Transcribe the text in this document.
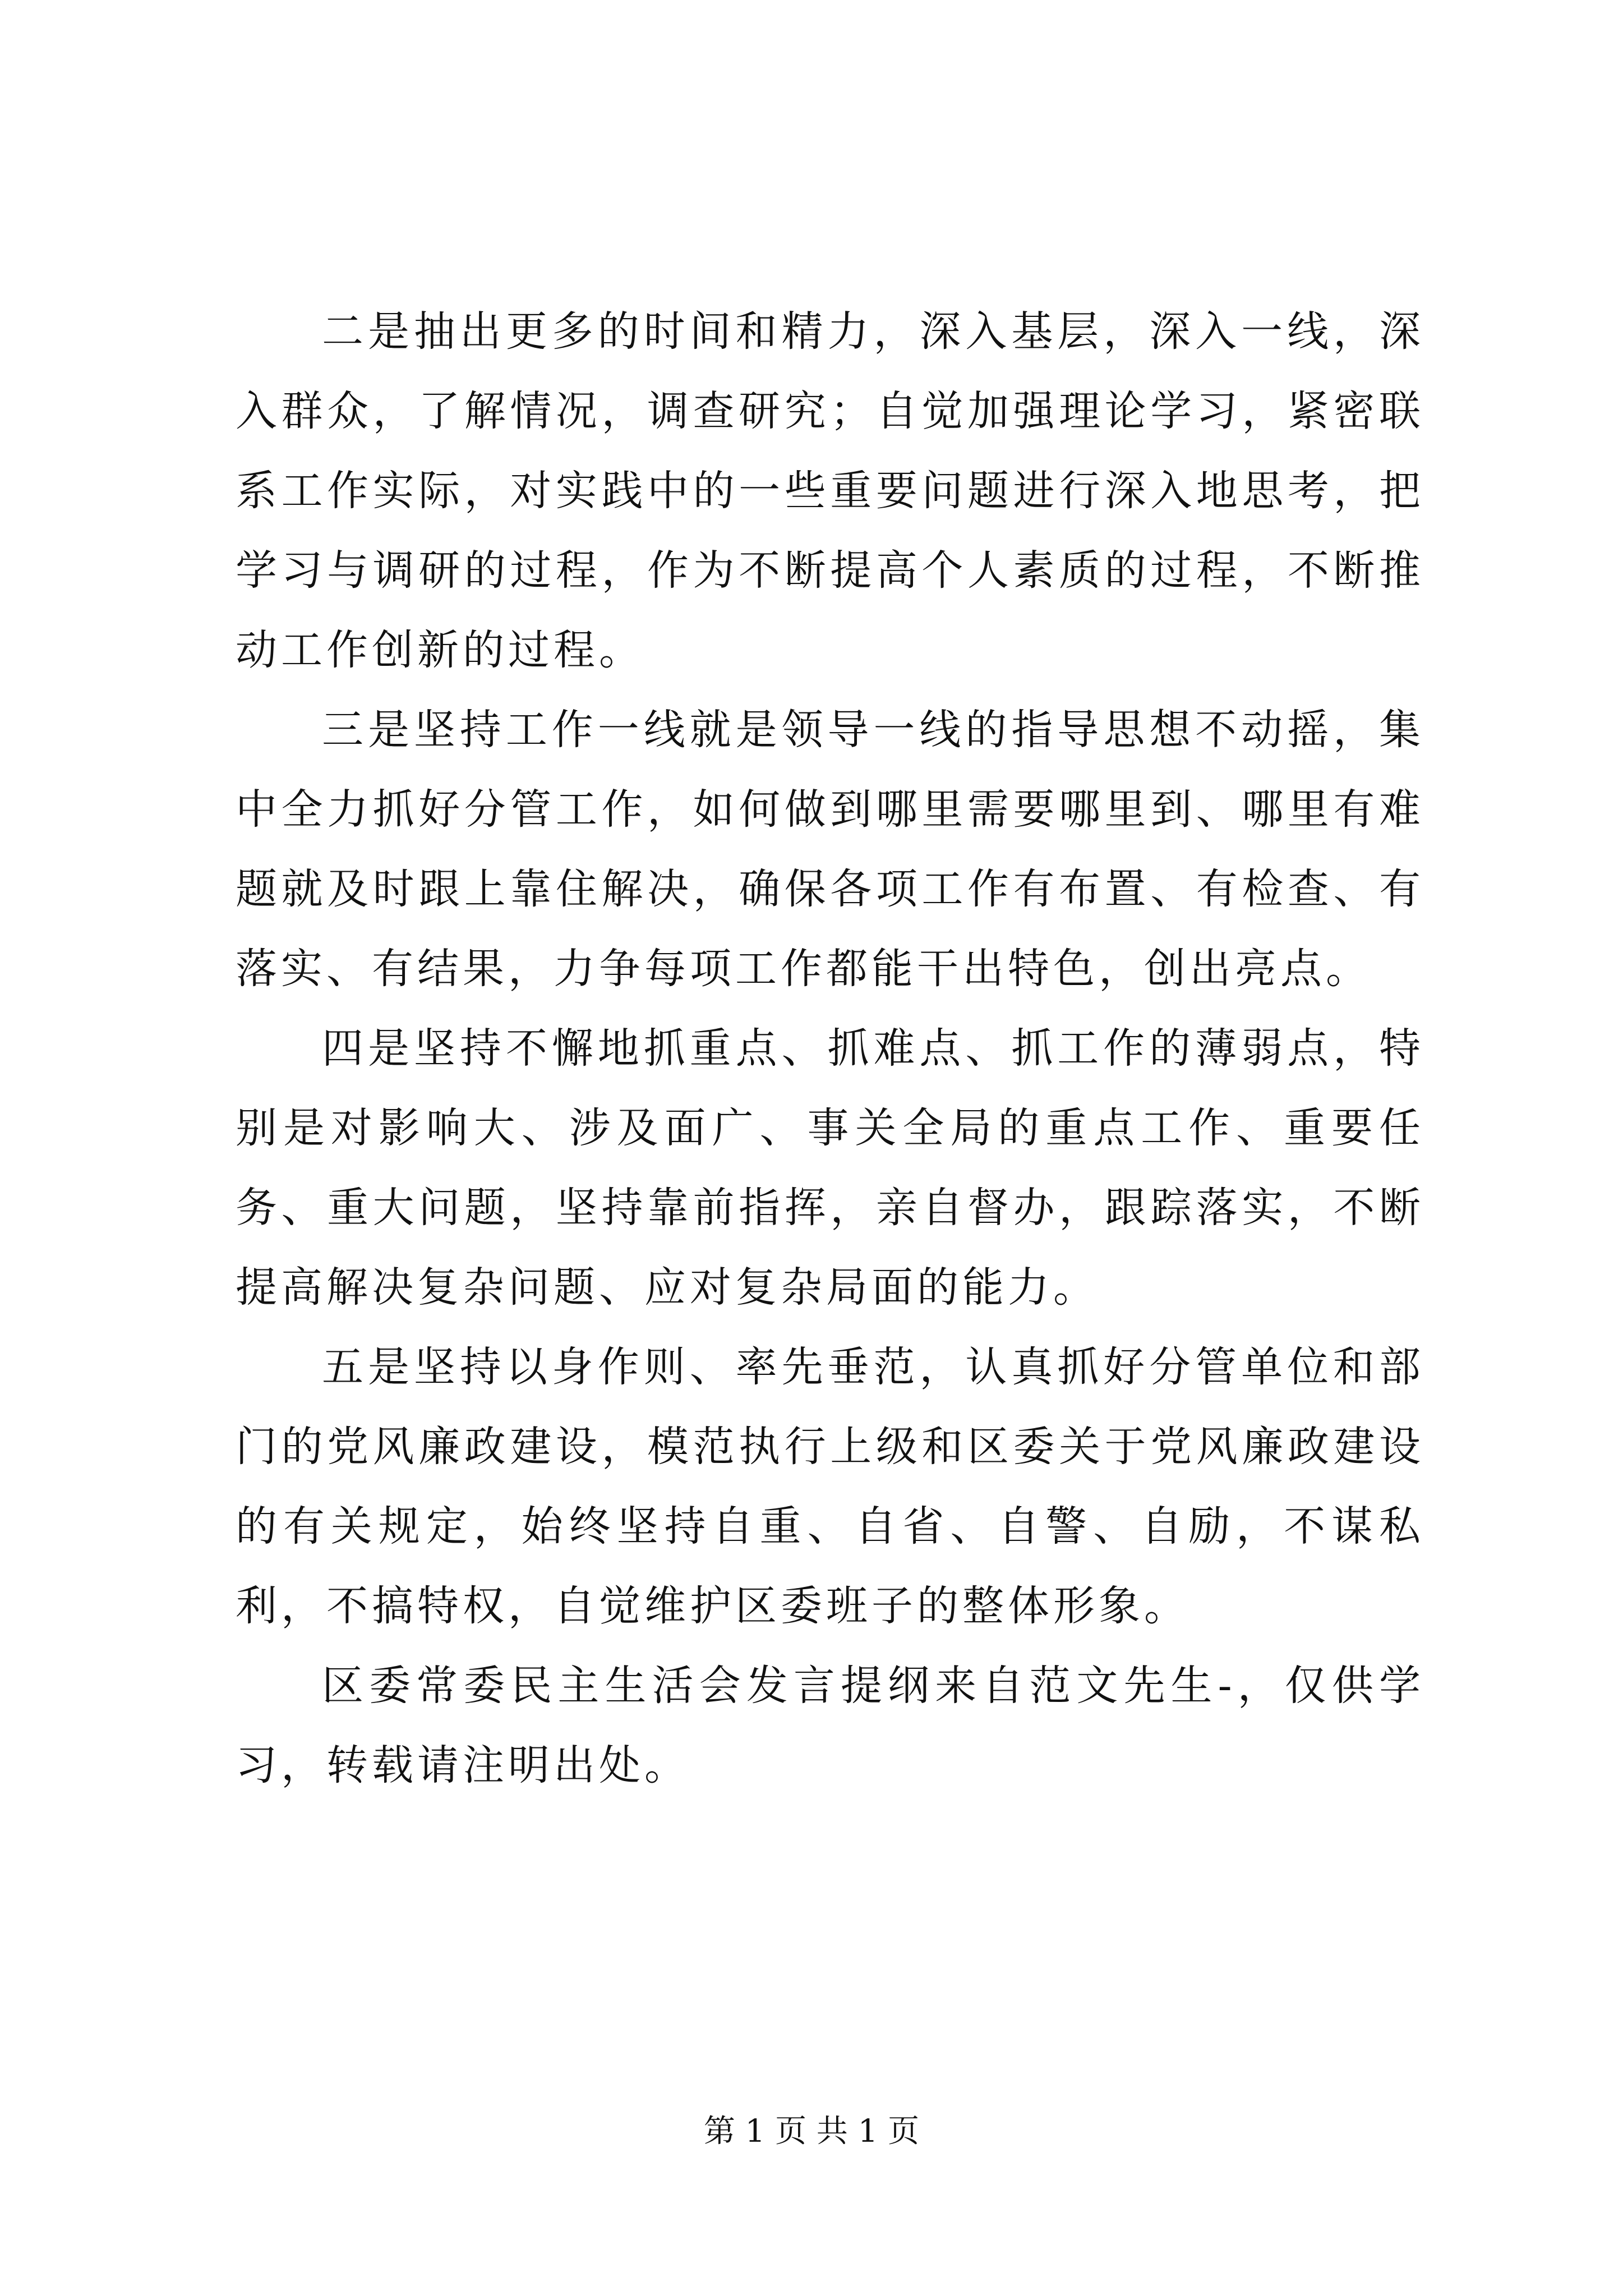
二是抽出更多的时间和精力，深入基层，深入一线，深入群众，了解情况，调查研究；自觉加强理论学习，紧密联系工作实际，对实践中的一些重要问题进行深入地思考，把学习与调研的过程，作为不断提高个人素质的过程，不断推动工作创新的过程。

三是坚持工作一线就是领导一线的指导思想不动摇，集中全力抓好分管工作，如何做到哪里需要哪里到、哪里有难题就及时跟上靠住解决，确保各项工作有布置、有检查、有落实、有结果，力争每项工作都能干出特色，创出亮点。

四是坚持不懈地抓重点、抓难点、抓工作的薄弱点，特别是对影响大、涉及面广、事关全局的重点工作、重要任务、重大问题，坚持靠前指挥，亲自督办，跟踪落实，不断提高解决复杂问题、应对复杂局面的能力。

五是坚持以身作则、率先垂范，认真抓好分管单位和部门的党风廉政建设，模范执行上级和区委关于党风廉政建设的有关规定，始终坚持自重、自省、自警、自励，不谋私利，不搞特权，自觉维护区委班子的整体形象。

区委常委民主生活会发言提纲来自范文先生-，仅供学习，转载请注明出处。

第 1 页 共 1 页
